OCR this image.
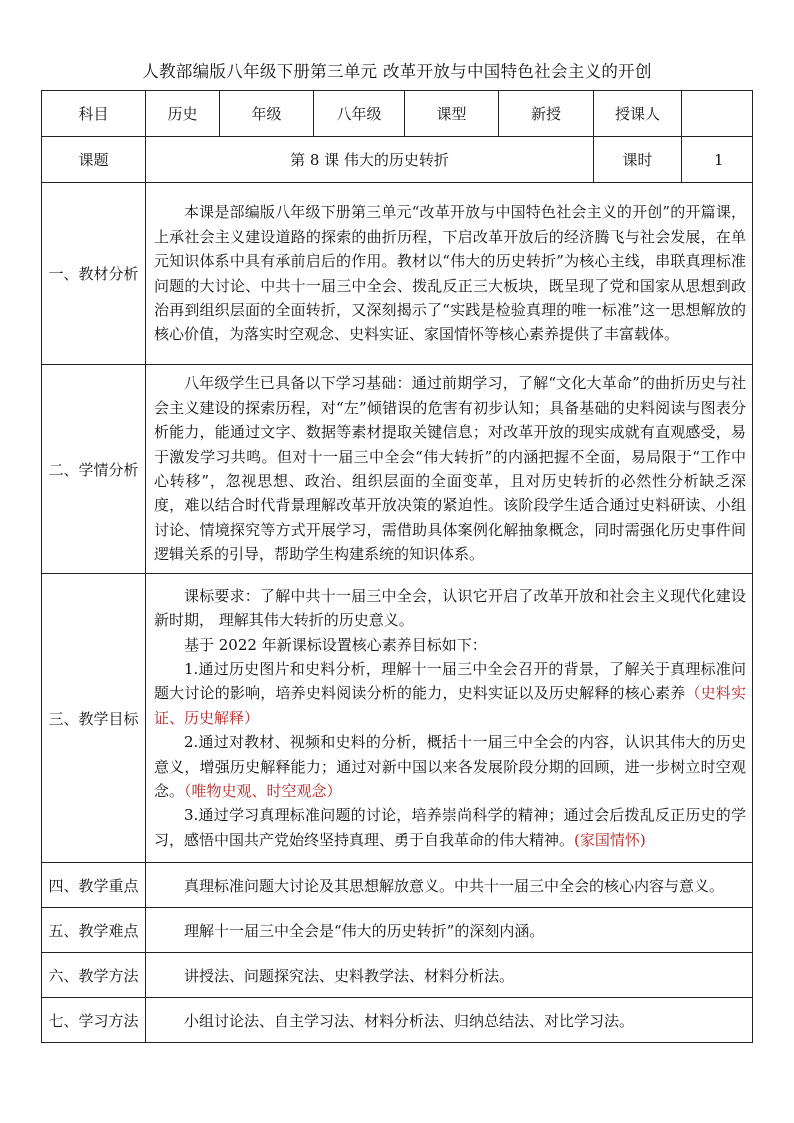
人教部编版八年级下册第三单元 改革开放与中国特色社会主义的开创
科目	历史	年级	八年级	课型	新授	授课人	
课题	第 8 课 伟大的历史转折					课时	1
一、教材分析	本课是部编版八年级下册第三单元“改革开放与中国特色社会主义的开创”的开篇课，上承社会主义建设道路的探索的曲折历程，下启改革开放后的经济腾飞与社会发展，在单元知识体系中具有承前启后的作用。教材以“伟大的历史转折”为核心主线，串联真理标准问题的大讨论、中共十一届三中全会、拨乱反正三大板块，既呈现了党和国家从思想到政治再到组织层面的全面转折，又深刻揭示了“实践是检验真理的唯一标准”这一思想解放的核心价值，为落实时空观念、史料实证、家国情怀等核心素养提供了丰富载体。						

二、学情分析	八年级学生已具备以下学习基础：通过前期学习，了解“文化大革命”的曲折历史与社会主义建设的探索历程，对“左”倾错误的危害有初步认知；具备基础的史料阅读与图表分析能力，能通过文字、数据等素材提取关键信息；对改革开放的现实成就有直观感受，易于激发学习共鸣。但对十一届三中全会“伟大转折”的内涵把握不全面，易局限于“工作中心转移”，忽视思想、政治、组织层面的全面变革，且对历史转折的必然性分析缺乏深度，难以结合时代背景理解改革开放决策的紧迫性。该阶段学生适合通过史料研读、小组讨论、情境探究等方式开展学习，需借助具体案例化解抽象概念，同时需强化历史事件间逻辑关系的引导，帮助学生构建系统的知识体系。						

三、教学目标	课标要求：了解中共十一届三中全会，认识它开启了改革开放和社会主义现代化建设新时期， 理解其伟大转折的历史意义。

基于 2022 年新课标设置核心素养目标如下：

1.通过历史图片和史料分析，理解十一届三中全会召开的背景，了解关于真理标准问题大讨论的影响，培养史料阅读分析的能力，史料实证以及历史解释的核心素养（史料实证、历史解释）

2.通过对教材、视频和史料的分析，概括十一届三中全会的内容，认识其伟大的历史意义，增强历史解释能力；通过对新中国以来各发展阶段分期的回顾，进一步树立时空观念。（唯物史观、时空观念）

3.通过学习真理标准问题的讨论，培养崇尚科学的精神；通过会后拨乱反正历史的学习，感悟中国共产党始终坚持真理、勇于自我革命的伟大精神。(家国情怀)						

四、教学重点	真理标准问题大讨论及其思想解放意义。中共十一届三中全会的核心内容与意义。						
五、教学难点	理解十一届三中全会是“伟大的历史转折”的深刻内涵。						
六、教学方法	讲授法、问题探究法、史料教学法、材料分析法。						
七、学习方法	小组讨论法、自主学习法、材料分析法、归纳总结法、对比学习法。						
